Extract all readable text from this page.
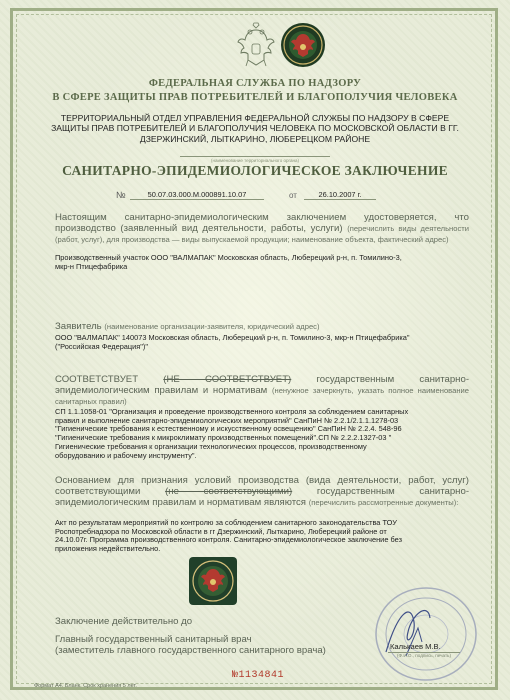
ФЕДЕРАЛЬНАЯ СЛУЖБА ПО НАДЗОРУ
В СФЕРЕ ЗАЩИТЫ ПРАВ ПОТРЕБИТЕЛЕЙ И БЛАГОПОЛУЧИЯ ЧЕЛОВЕКА
ТЕРРИТОРИАЛЬНЫЙ ОТДЕЛ УПРАВЛЕНИЯ ФЕДЕРАЛЬНОЙ СЛУЖБЫ ПО НАДЗОРУ В СФЕРЕ
ЗАЩИТЫ ПРАВ ПОТРЕБИТЕЛЕЙ И БЛАГОПОЛУЧИЯ ЧЕЛОВЕКА ПО МОСКОВСКОЙ ОБЛАСТИ В ГГ.
ДЗЕРЖИНСКИЙ, ЛЫТКАРИНО, ЛЮБЕРЕЦКОМ РАЙОНЕ
(наименование территориального органа)
САНИТАРНО-ЭПИДЕМИОЛОГИЧЕСКОЕ ЗАКЛЮЧЕНИЕ
№	50.07.03.000.М.000891.10.07	от	26.10.2007 г.
Настоящим санитарно-эпидемиологическим заключением удостоверяется, что производство (заявленный вид деятельности, работы, услуги) (перечислить виды деятельности (работ, услуг), для производства — виды выпускаемой продукции; наименование объекта, фактический адрес)
Производственный участок ООО "ВАЛМАПАК" Московская область, Люберецкий р-н, п. Томилино-3,
мкр-н Птицефабрика
Заявитель (наименование организации-заявителя, юридический адрес)
ООО "ВАЛМАПАК" 140073 Московская область, Люберецкий р-н, п. Томилино-3, мкр-н Птицефабрика"
("Российская Федерация")"
СООТВЕТСТВУЕТ	(НЕ СООТВЕТСТВУЕТ)	государственным санитарно-эпидемиологическим правилам и нормативам (ненужное зачеркнуть, указать полное наименование санитарных правил)
СП 1.1.1058-01 "Организация и проведение производственного контроля за соблюдением санитарных
правил и выполнение санитарно-эпидемиологических мероприятий" СанПиН № 2.2.1/2.1.1.1278-03
"Гигиенические требования к естественному и искусственному освещению" СанПиН № 2.2.4. 548-96
"Гигиенические требования к микроклимату производственных помещений".СП № 2.2.2.1327-03 "
Гигиенические требования к организации технологических процессов, производственному
оборудованию и рабочему инструменту".
Основанием для признания условий производства (вида деятельности, работ, услуг) соответствующими	(не соответствующими)	государственным санитарно-эпидемиологическим правилам и нормативам являются (перечислить рассмотренные документы):
Акт по результатам мероприятий по контролю за соблюдением санитарного законодательства ТОУ
Роспотребнадзора по Московской области в гг Дзержинский, Лыткарино, Люберецкий районе от
24.10.07г. Программа производственного контроля. Санитарно-эпидемиологическое заключение без
приложения недействительно.
Заключение действительно до
Главный государственный санитарный врач
(заместитель главного государственного санитарного врача)	Калькаев М.В.
(Ф.И.О., подпись, печать)
№1134841
Формат А4. Бланк. Срок хранения 5 лет.
